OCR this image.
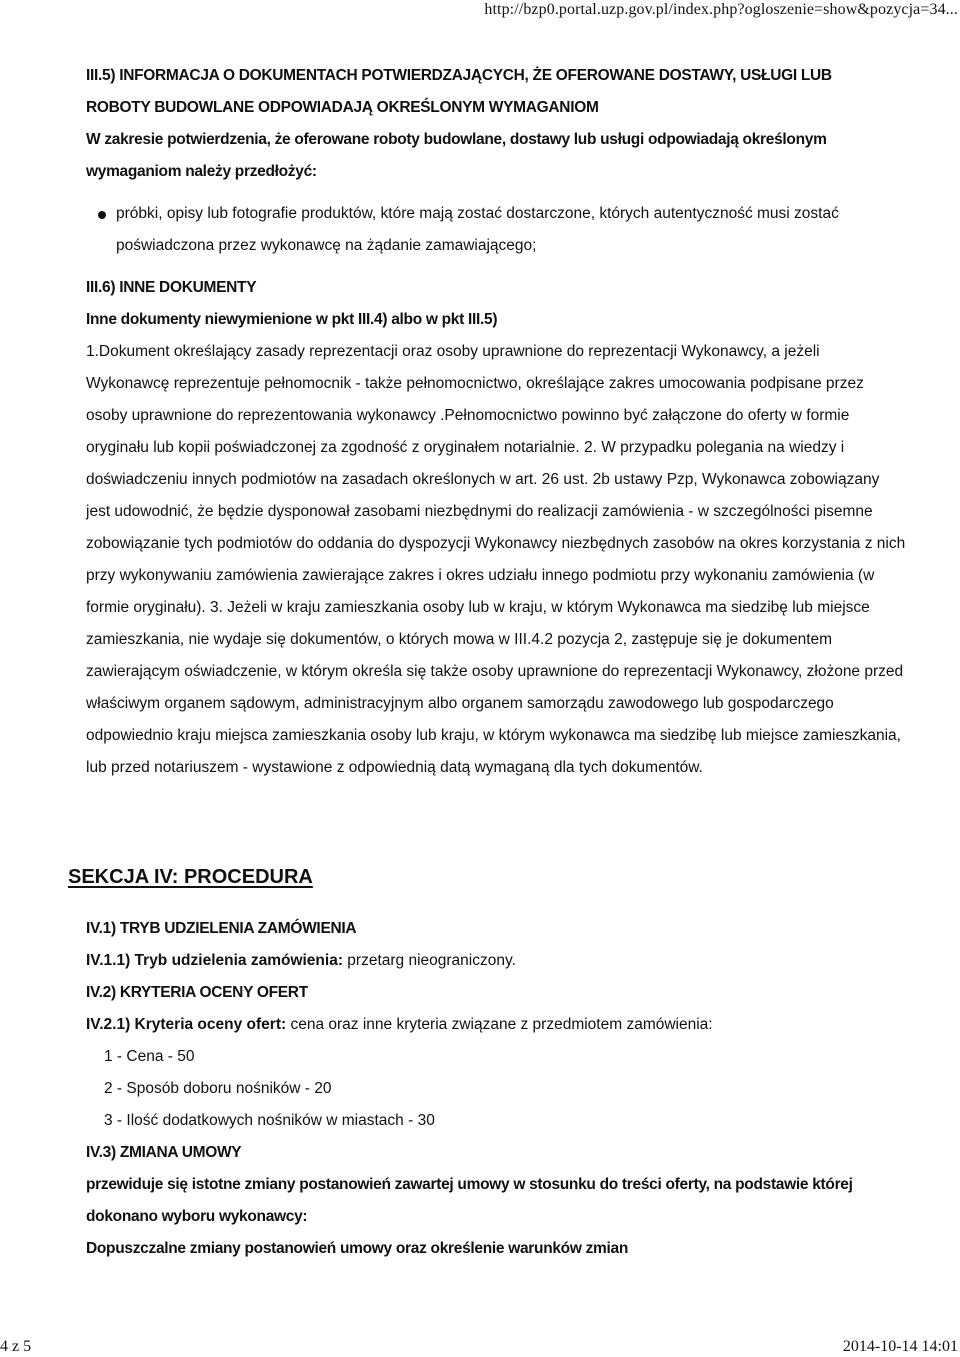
http://bzp0.portal.uzp.gov.pl/index.php?ogloszenie=show&pozycja=34...
III.5) INFORMACJA O DOKUMENTACH POTWIERDZAJĄCYCH, ŻE OFEROWANE DOSTAWY, USŁUGI LUB
ROBOTY BUDOWLANE ODPOWIADAJĄ OKREŚLONYM WYMAGANIOM
W zakresie potwierdzenia, że oferowane roboty budowlane, dostawy lub usługi odpowiadają określonym
wymaganiom należy przedłożyć:
próbki, opisy lub fotografie produktów, które mają zostać dostarczone, których autentyczność musi zostać poświadczona przez wykonawcę na żądanie zamawiającego;
III.6) INNE DOKUMENTY
Inne dokumenty niewymienione w pkt III.4) albo w pkt III.5)
1.Dokument określający zasady reprezentacji oraz osoby uprawnione do reprezentacji Wykonawcy, a jeżeli Wykonawcę reprezentuje pełnomocnik - także pełnomocnictwo, określające zakres umocowania podpisane przez osoby uprawnione do reprezentowania wykonawcy .Pełnomocnictwo powinno być załączone do oferty w formie oryginału lub kopii poświadczonej za zgodność z oryginałem notarialnie. 2. W przypadku polegania na wiedzy i doświadczeniu innych podmiotów na zasadach określonych w art. 26 ust. 2b ustawy Pzp, Wykonawca zobowiązany jest udowodnić, że będzie dysponował zasobami niezbędnymi do realizacji zamówienia - w szczególności pisemne zobowiązanie tych podmiotów do oddania do dyspozycji Wykonawcy niezbędnych zasobów na okres korzystania z nich przy wykonywaniu zamówienia zawierające zakres i okres udziału innego podmiotu przy wykonaniu zamówienia (w formie oryginału). 3. Jeżeli w kraju zamieszkania osoby lub w kraju, w którym Wykonawca ma siedzibę lub miejsce zamieszkania, nie wydaje się dokumentów, o których mowa w III.4.2 pozycja 2, zastępuje się je dokumentem zawierającym oświadczenie, w którym określa się także osoby uprawnione do reprezentacji Wykonawcy, złożone przed właściwym organem sądowym, administracyjnym albo organem samorządu zawodowego lub gospodarczego odpowiednio kraju miejsca zamieszkania osoby lub kraju, w którym wykonawca ma siedzibę lub miejsce zamieszkania, lub przed notariuszem - wystawione z odpowiednią datą wymaganą dla tych dokumentów.
SEKCJA IV: PROCEDURA
IV.1) TRYB UDZIELENIA ZAMÓWIENIA
IV.1.1) Tryb udzielenia zamówienia: przetarg nieograniczony.
IV.2) KRYTERIA OCENY OFERT
IV.2.1) Kryteria oceny ofert: cena oraz inne kryteria związane z przedmiotem zamówienia:
1 - Cena - 50
2 - Sposób doboru nośników - 20
3 - Ilość dodatkowych nośników w miastach - 30
IV.3) ZMIANA UMOWY
przewiduje się istotne zmiany postanowień zawartej umowy w stosunku do treści oferty, na podstawie której dokonano wyboru wykonawcy:
Dopuszczalne zmiany postanowień umowy oraz określenie warunków zmian
4 z 5	2014-10-14 14:01
